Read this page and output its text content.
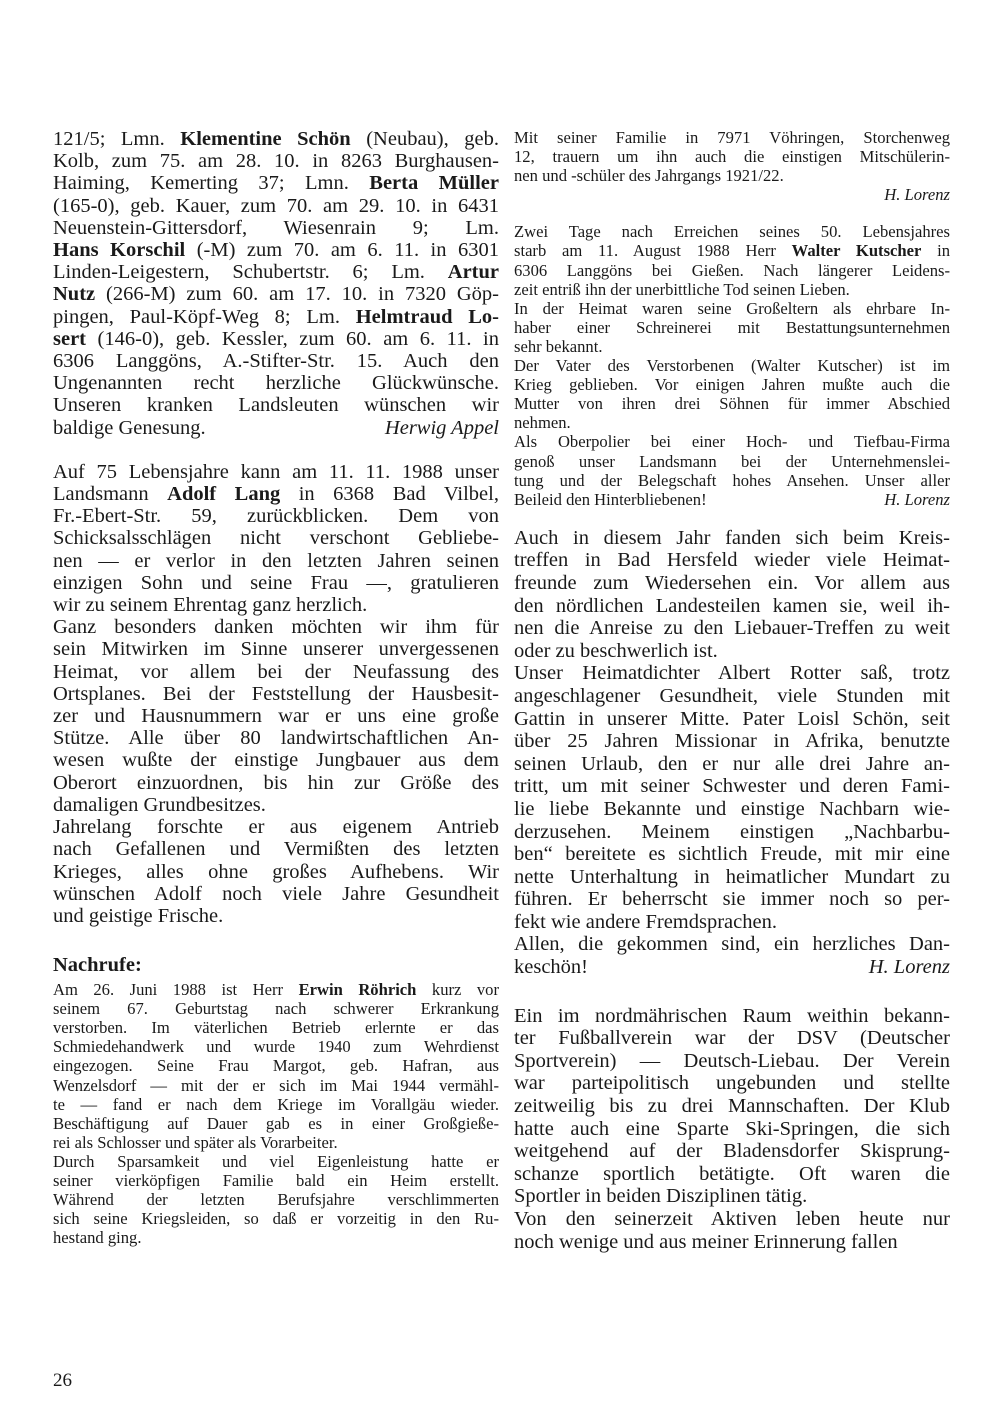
121/5; Lmn. Klementine Schön (Neubau), geb.
Kolb, zum 75. am 28. 10. in 8263 Burghausen-
Haiming, Kemerting 37; Lmn. Berta Müller
(165-0), geb. Kauer, zum 70. am 29. 10. in 6431
Neuenstein-Gittersdorf, Wiesenrain 9; Lm.
Hans Korschil (-M) zum 70. am 6. 11. in 6301
Linden-Leigestern, Schubertstr. 6; Lm. Artur
Nutz (266-M) zum 60. am 17. 10. in 7320 Göp-
pingen, Paul-Köpf-Weg 8; Lm. Helmtraud Lo-
sert (146-0), geb. Kessler, zum 60. am 6. 11. in
6306 Langgöns, A.-Stifter-Str. 15. Auch den
Ungenannten recht herzliche Glückwünsche.
Unseren kranken Landsleuten wünschen wir
baldige Genesung.	Herwig Appel
Auf 75 Lebensjahre kann am 11. 11. 1988 unser
Landsmann Adolf Lang in 6368 Bad Vilbel,
Fr.-Ebert-Str. 59, zurückblicken. Dem von
Schicksalsschlägen nicht verschont Gebliebe-
nen — er verlor in den letzten Jahren seinen
einzigen Sohn und seine Frau —, gratulieren
wir zu seinem Ehrentag ganz herzlich.
Ganz besonders danken möchten wir ihm für
sein Mitwirken im Sinne unserer unvergessenen
Heimat, vor allem bei der Neufassung des
Ortsplanes. Bei der Feststellung der Hausbesit-
zer und Hausnummern war er uns eine große
Stütze. Alle über 80 landwirtschaftlichen An-
wesen wußte der einstige Jungbauer aus dem
Oberort einzuordnen, bis hin zur Größe des
damaligen Grundbesitzes.
Jahrelang forschte er aus eigenem Antrieb
nach Gefallenen und Vermißten des letzten
Krieges, alles ohne großes Aufhebens. Wir
wünschen Adolf noch viele Jahre Gesundheit
und geistige Frische.
Nachrufe:
Am 26. Juni 1988 ist Herr Erwin Röhrich kurz vor
seinem 67. Geburtstag nach schwerer Erkrankung
verstorben. Im väterlichen Betrieb erlernte er das
Schmiedehandwerk und wurde 1940 zum Wehrdienst
eingezogen. Seine Frau Margot, geb. Hafran, aus
Wenzelsdorf — mit der er sich im Mai 1944 vermähl-
te — fand er nach dem Kriege im Vorallgäu wieder.
Beschäftigung auf Dauer gab es in einer Großgieße-
rei als Schlosser und später als Vorarbeiter.
Durch Sparsamkeit und viel Eigenleistung hatte er
seiner vierköpfigen Familie bald ein Heim erstellt.
Während der letzten Berufsjahre verschlimmerten
sich seine Kriegsleiden, so daß er vorzeitig in den Ru-
hestand ging.
Mit seiner Familie in 7971 Vöhringen, Storchenweg
12, trauern um ihn auch die einstigen Mitschülerin-
nen und -schüler des Jahrgangs 1921/22.
H. Lorenz
Zwei Tage nach Erreichen seines 50. Lebensjahres
starb am 11. August 1988 Herr Walter Kutscher in
6306 Langgöns bei Gießen. Nach längerer Leidens-
zeit entriß ihn der unerbittliche Tod seinen Lieben.
In der Heimat waren seine Großeltern als ehrbare In-
haber einer Schreinerei mit Bestattungsunternehmen
sehr bekannt.
Der Vater des Verstorbenen (Walter Kutscher) ist im
Krieg geblieben. Vor einigen Jahren mußte auch die
Mutter von ihren drei Söhnen für immer Abschied
nehmen.
Als Oberpolier bei einer Hoch- und Tiefbau-Firma
genoß unser Landsmann bei der Unternehmenslei-
tung und der Belegschaft hohes Ansehen. Unser aller
Beileid den Hinterbliebenen!	H. Lorenz
Auch in diesem Jahr fanden sich beim Kreis-
treffen in Bad Hersfeld wieder viele Heimat-
freunde zum Wiedersehen ein. Vor allem aus
den nördlichen Landesteilen kamen sie, weil ih-
nen die Anreise zu den Liebauer-Treffen zu weit
oder zu beschwerlich ist.
Unser Heimatdichter Albert Rotter saß, trotz
angeschlagener Gesundheit, viele Stunden mit
Gattin in unserer Mitte. Pater Loisl Schön, seit
über 25 Jahren Missionar in Afrika, benutzte
seinen Urlaub, den er nur alle drei Jahre an-
tritt, um mit seiner Schwester und deren Fami-
lie liebe Bekannte und einstige Nachbarn wie-
derzusehen. Meinem einstigen „Nachbarbu-
ben“ bereitete es sichtlich Freude, mit mir eine
nette Unterhaltung in heimatlicher Mundart zu
führen. Er beherrscht sie immer noch so per-
fekt wie andere Fremdsprachen.
Allen, die gekommen sind, ein herzliches Dan-
keschön!	H. Lorenz
Ein im nordmährischen Raum weithin bekann-
ter Fußballverein war der DSV (Deutscher
Sportverein) — Deutsch-Liebau. Der Verein
war parteipolitisch ungebunden und stellte
zeitweilig bis zu drei Mannschaften. Der Klub
hatte auch eine Sparte Ski-Springen, die sich
weitgehend auf der Bladensdorfer Skisprung-
schanze sportlich betätigte. Oft waren die
Sportler in beiden Disziplinen tätig.
Von den seinerzeit Aktiven leben heute nur
noch wenige und aus meiner Erinnerung fallen
26
